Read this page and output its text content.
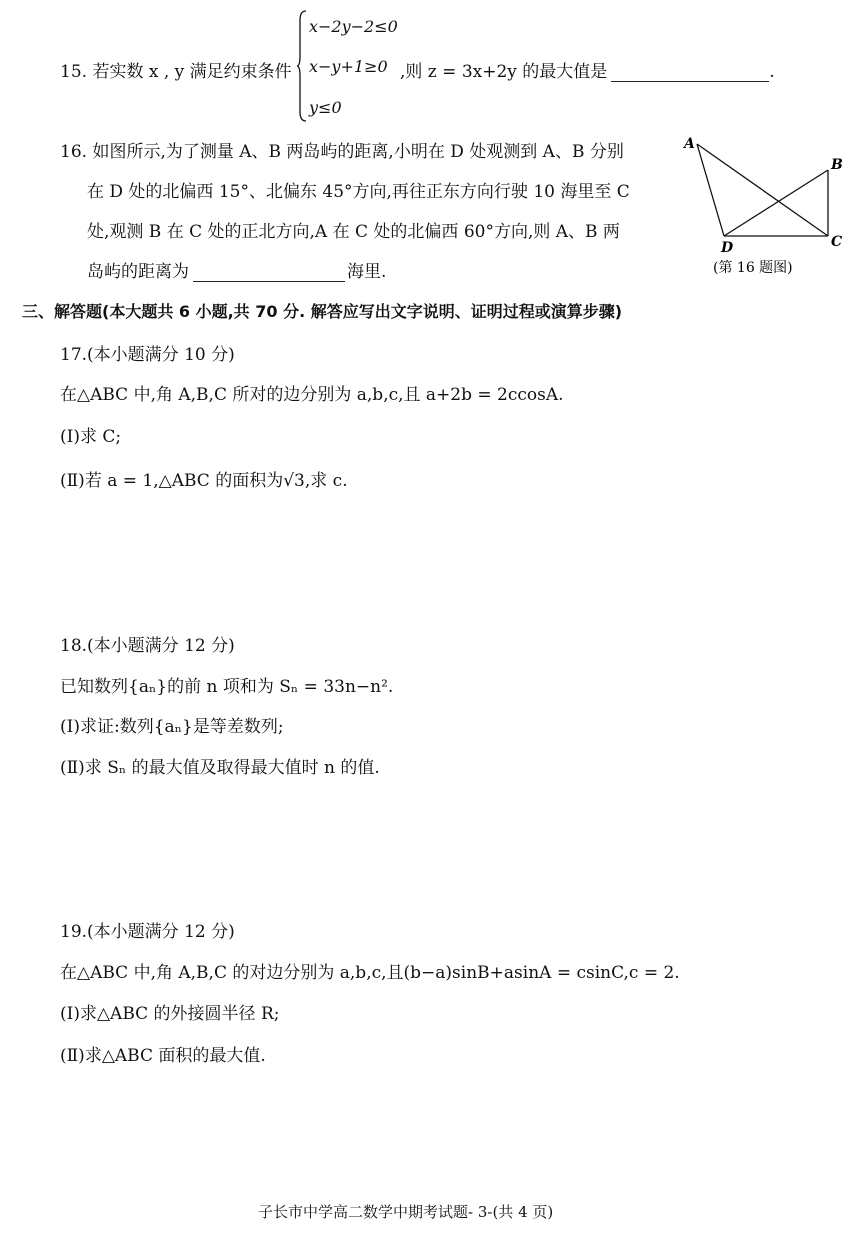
15. 若实数 x , y 满足约束条件
x−2y−2≤0
x−y+1≥0
y≤0
,则 z = 3x+2y 的最大值是	.
16. 如图所示,为了测量 A、B 两岛屿的距离,小明在 D 处观测到 A、B 分别
在 D 处的北偏西 15°、北偏东 45°方向,再往正东方向行驶 10 海里至 C
处,观测 B 在 C 处的正北方向,A 在 C 处的北偏西 60°方向,则 A、B 两
岛屿的距离为	海里.
A
B
C
D
(第 16 题图)
三、解答题(本大题共 6 小题,共 70 分. 解答应写出文字说明、证明过程或演算步骤)
17.(本小题满分 10 分)
在△ABC 中,角 A,B,C 所对的边分别为 a,b,c,且 a+2b = 2ccosA.
(Ⅰ)求 C;
(Ⅱ)若 a = 1,△ABC 的面积为√3,求 c.
18.(本小题满分 12 分)
已知数列{aₙ}的前 n 项和为 Sₙ = 33n−n².
(Ⅰ)求证:数列{aₙ}是等差数列;
(Ⅱ)求 Sₙ 的最大值及取得最大值时 n 的值.
19.(本小题满分 12 分)
在△ABC 中,角 A,B,C 的对边分别为 a,b,c,且(b−a)sinB+asinA = csinC,c = 2.
(Ⅰ)求△ABC 的外接圆半径 R;
(Ⅱ)求△ABC 面积的最大值.
子长市中学高二数学中期考试题- 3-(共 4 页)
